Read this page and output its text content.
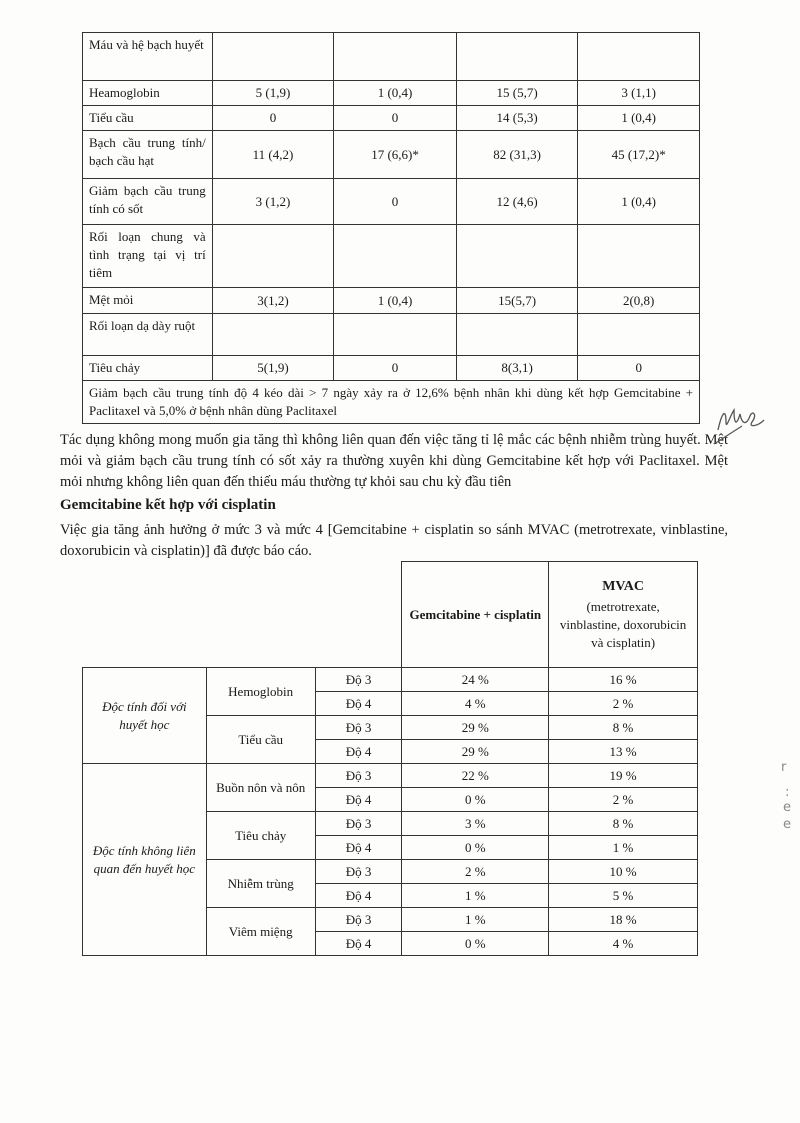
Máu và hệ bạch huyết				
Heamoglobin	5 (1,9)	1 (0,4)	15 (5,7)	3 (1,1)
Tiểu cầu	0	0	14 (5,3)	1 (0,4)
Bạch cầu trung tính/ bạch cầu hạt	11 (4,2)	17 (6,6)*	82 (31,3)	45 (17,2)*
Giảm bạch cầu trung tính có sốt	3 (1,2)	0	12 (4,6)	1 (0,4)
Rối loạn chung và tình trạng tại vị trí tiêm				
Mệt mỏi	3(1,2)	1 (0,4)	15(5,7)	2(0,8)
Rối loạn dạ dày ruột				
Tiêu chảy	5(1,9)	0	8(3,1)	0
Giảm bạch cầu trung tính độ 4 kéo dài > 7 ngày xảy ra ở 12,6% bệnh nhân khi dùng kết hợp Gemcitabine + Paclitaxel và 5,0% ở bệnh nhân dùng Paclitaxel				

Tác dụng không mong muốn gia tăng thì không liên quan đến việc tăng tỉ lệ mắc các bệnh nhiễm trùng huyết. Mệt mỏi và giảm bạch cầu trung tính có sốt xảy ra thường xuyên khi dùng Gemcitabine kết hợp với Paclitaxel. Mệt mỏi nhưng không liên quan đến thiếu máu thường tự khỏi sau chu kỳ đầu tiên

Gemcitabine kết hợp với cisplatin

Việc gia tăng ảnh hưởng ở mức 3 và mức 4 [Gemcitabine + cisplatin so sánh MVAC (metrotrexate, vinblastine, doxorubicin và cisplatin)] đã được báo cáo.

			Gemcitabine + cisplatin	MVAC
(metrotrexate, vinblastine, doxorubicin và cisplatin)
Độc tính đối với huyết học	Hemoglobin	Độ 3	24 %	16 %
		Độ 4	4 %	2 %
	Tiểu cầu	Độ 3	29 %	8 %
		Độ 4	29 %	13 %
Độc tính không liên quan đến huyết học	Buồn nôn và nôn	Độ 3	22 %	19 %
		Độ 4	0 %	2 %
	Tiêu chảy	Độ 3	3 %	8 %
		Độ 4	0 %	1 %
	Nhiễm trùng	Độ 3	2 %	10 %
		Độ 4	1 %	5 %
	Viêm miệng	Độ 3	1 %	18 %
		Độ 4	0 %	4 %
r
:
e
e
